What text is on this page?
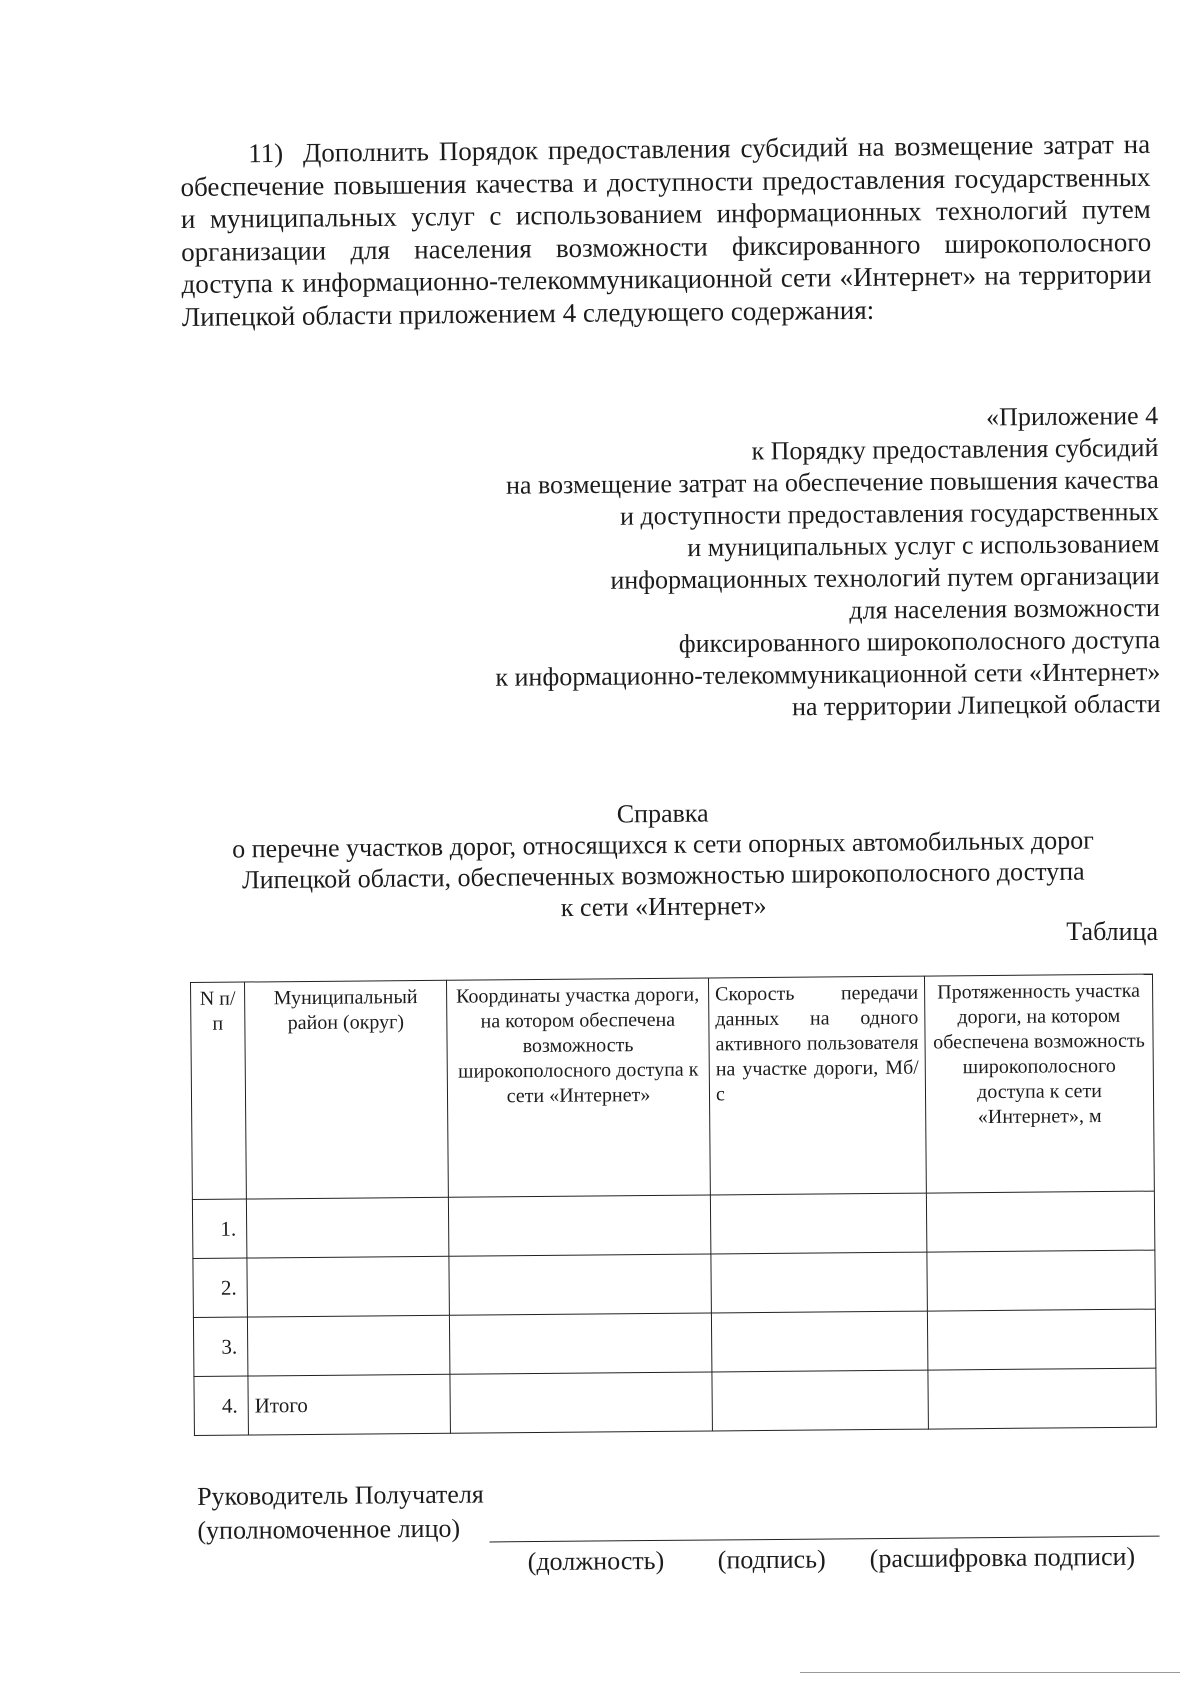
11) Дополнить Порядок предоставления субсидий на возмещение затрат на обеспечение повышения качества и доступности предоставления государственных и муниципальных услуг с использованием информационных технологий путем организации для населения возможности фиксированного широкополосного доступа к информационно-телекоммуникационной сети «Интернет» на территории Липецкой области приложением 4 следующего содержания:

«Приложение 4
к Порядку предоставления субсидий
на возмещение затрат на обеспечение повышения качества
и доступности предоставления государственных
и муниципальных услуг с использованием
информационных технологий путем организации
для населения возможности
фиксированного широкополосного доступа
к информационно-телекоммуникационной сети «Интернет»
на территории Липецкой области
Справка
о перечне участков дорог, относящихся к сети опорных автомобильных дорог
Липецкой области, обеспеченных возможностью широкополосного доступа
к сети «Интернет»
Таблица
N п/п	Муниципальный район (округ)	Координаты участка дороги, на котором обеспечена возможность широкополосного доступа к сети «Интернет»	Скорость передачи данных на одного активного пользователя на участке дороги, Мб/с	Протяженность участка дороги, на котором обеспечена возможность широкополосного доступа к сети «Интернет», м
1.				
2.				
3.				
4.	Итого			
Руководитель Получателя
(уполномоченное лицо)
(должность) (подпись) (расшифровка подписи)
